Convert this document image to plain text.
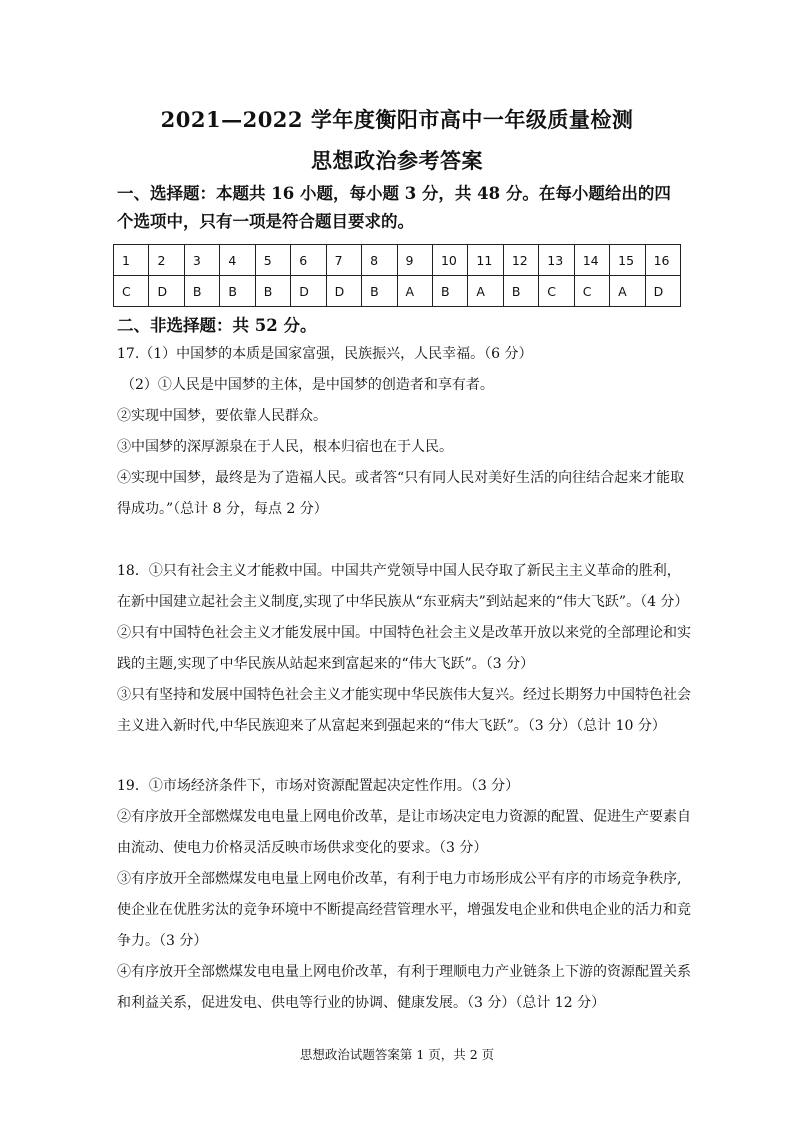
2021—2022 学年度衡阳市高中一年级质量检测
思想政治参考答案
一、选择题：本题共 16 小题，每小题 3 分，共 48 分。在每小题给出的四个选项中，只有一项是符合题目要求的。
1	2	3	4	5	6	7	8	9	10	11	12	13	14	15	16
C	D	B	B	B	D	D	B	A	B	A	B	C	C	A	D
二、非选择题：共 52 分。

17.（1）中国梦的本质是国家富强，民族振兴，人民幸福。（6 分）

（2）①人民是中国梦的主体，是中国梦的创造者和享有者。

②实现中国梦，要依靠人民群众。

③中国梦的深厚源泉在于人民，根本归宿也在于人民。

④实现中国梦，最终是为了造福人民。或者答“只有同人民对美好生活的向往结合起来才能取得成功。”（总计 8 分，每点 2 分）

18．①只有社会主义才能救中国。中国共产党领导中国人民夺取了新民主主义革命的胜利，在新中国建立起社会主义制度,实现了中华民族从“东亚病夫”到站起来的“伟大飞跃”。（4 分）

②只有中国特色社会主义才能发展中国。中国特色社会主义是改革开放以来党的全部理论和实践的主题,实现了中华民族从站起来到富起来的“伟大飞跃”。（3 分）

③只有坚持和发展中国特色社会主义才能实现中华民族伟大复兴。经过长期努力中国特色社会主义进入新时代,中华民族迎来了从富起来到强起来的“伟大飞跃”。（3 分）（总计 10 分）

19．①市场经济条件下，市场对资源配置起决定性作用。（3 分）

②有序放开全部燃煤发电电量上网电价改革，是让市场决定电力资源的配置、促进生产要素自由流动、使电力价格灵活反映市场供求变化的要求。（3 分）

③有序放开全部燃煤发电电量上网电价改革，有利于电力市场形成公平有序的市场竞争秩序,使企业在优胜劣汰的竞争环境中不断提高经营管理水平，增强发电企业和供电企业的活力和竞争力。（3 分）

④有序放开全部燃煤发电电量上网电价改革，有利于理顺电力产业链条上下游的资源配置关系和利益关系，促进发电、供电等行业的协调、健康发展。（3 分）（总计 12 分）

思想政治试题答案第 1 页，共 2 页
